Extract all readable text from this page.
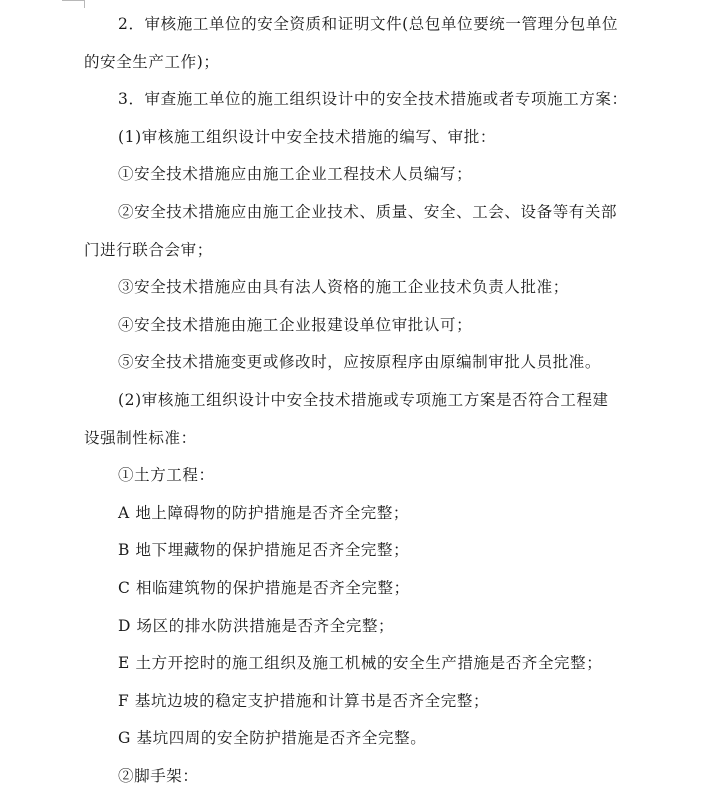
2．审核施工单位的安全资质和证明文件(总包单位要统一管理分包单位

的安全生产工作)；

3．审查施工单位的施工组织设计中的安全技术措施或者专项施工方案：

(1)审核施工组织设计中安全技术措施的编写、审批：

①安全技术措施应由施工企业工程技术人员编写；

②安全技术措施应由施工企业技术、质量、安全、工会、设备等有关部

门进行联合会审；

③安全技术措施应由具有法人资格的施工企业技术负责人批准；

④安全技术措施由施工企业报建设单位审批认可；

⑤安全技术措施变更或修改时，应按原程序由原编制审批人员批准。

(2)审核施工组织设计中安全技术措施或专项施工方案是否符合工程建

设强制性标准：

①土方工程：

A 地上障碍物的防护措施是否齐全完整；

B 地下埋藏物的保护措施足否齐全完整；

C 相临建筑物的保护措施是否齐全完整；

D 场区的排水防洪措施是否齐全完整；

E 土方开挖时的施工组织及施工机械的安全生产措施是否齐全完整；

F 基坑边坡的稳定支护措施和计算书是否齐全完整；

G 基坑四周的安全防护措施是否齐全完整。

②脚手架：
